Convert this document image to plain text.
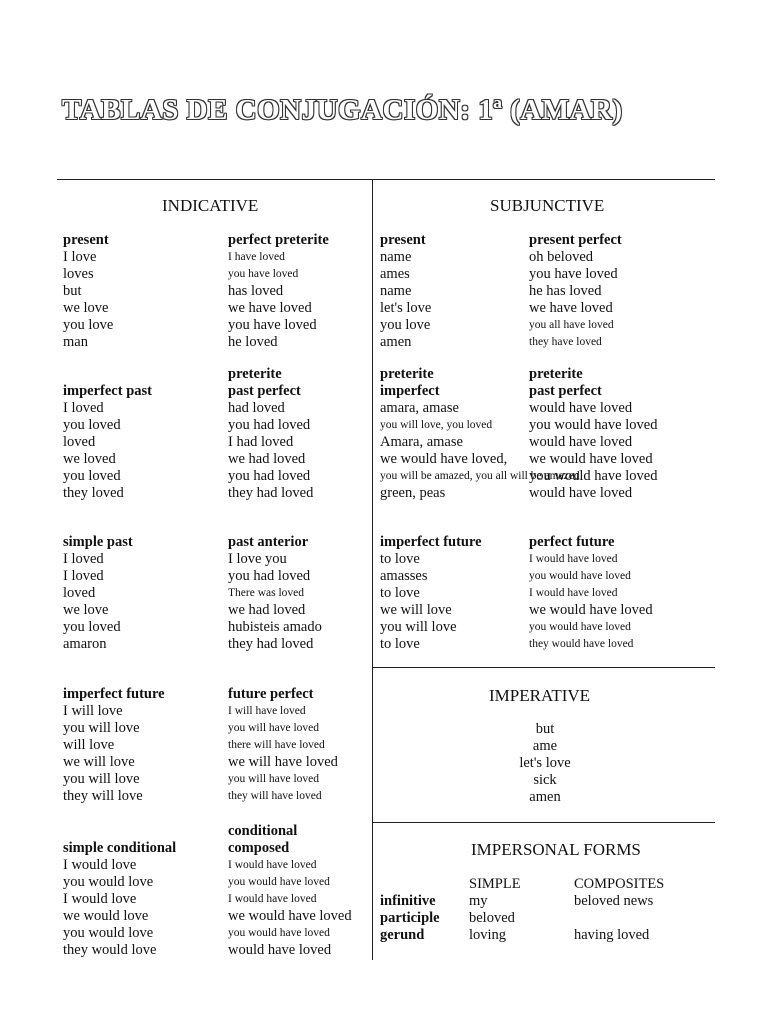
TABLAS DE CONJUGACIÓN: 1ª (AMAR)
INDICATIVE	SUBJUNCTIVE
IMPERATIVE
IMPERSONAL FORMS
present
I love
loves
but
we love
you love
man
perfect preterite
I have loved
you have loved
has loved
we have loved
you have loved
he loved
imperfect past
I loved
you loved
loved
we loved
you loved
they loved
preterite
past perfect
had loved
you had loved
I had loved
we had loved
you had loved
they had loved
simple past
I loved
I loved
loved
we love
you loved
amaron
past anterior
I love you
you had loved
There was loved
we had loved
hubisteis amado
they had loved
imperfect future
I will love
you will love
will love
we will love
you will love
they will love
future perfect
I will have loved
you will have loved
there will have loved
we will have loved
you will have loved
they will have loved
simple conditional
I would love
you would love
I would love
we would love
you would love
they would love
conditional
composed
I would have loved
you would have loved
I would have loved
we would have loved
you would have loved
would have loved
present
name
ames
name
let's love
you love
amen
present perfect
oh beloved
you have loved
he has loved
we have loved
you all have loved
they have loved
preterite
imperfect
amara, amase
you will love, you loved
Amara, amase
we would have loved,
you will be amazed, you all will be amazed
green, peas
preterite
past perfect
would have loved
you would have loved
would have loved
we would have loved
you would have loved
would have loved
imperfect future
to love
amasses
to love
we will love
you will love
to love
perfect future
I would have loved
you would have loved
I would have loved
we would have loved
you would have loved
they would have loved
but
ame
let's love
sick
amen
SIMPLE	COMPOSITES
infinitive
participle
gerund
my
beloved
loving
beloved news
having loved
